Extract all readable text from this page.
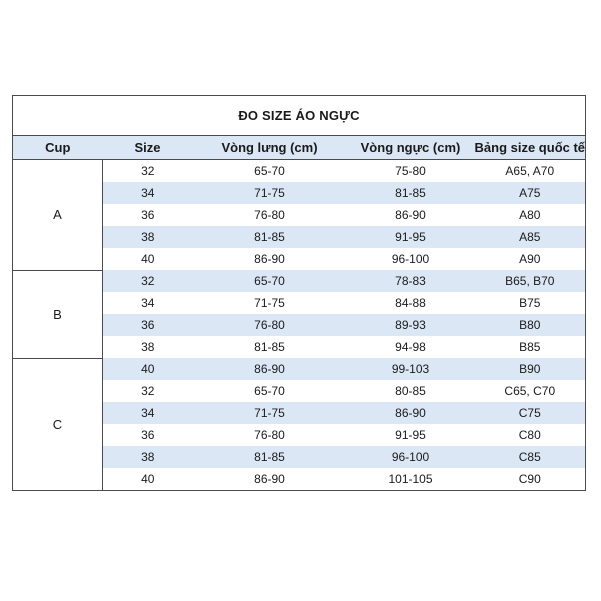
ĐO SIZE ÁO NGỰC				
Cup	Size	Vòng lưng (cm)	Vòng ngực (cm)	Bảng size quốc tế
A	32	65-70	75-80	A65, A70
	34	71-75	81-85	A75
	36	76-80	86-90	A80
	38	81-85	91-95	A85
	40	86-90	96-100	A90
B	32	65-70	78-83	B65, B70
	34	71-75	84-88	B75
	36	76-80	89-93	B80
	38	81-85	94-98	B85
C	40	86-90	99-103	B90
	32	65-70	80-85	C65, C70
	34	71-75	86-90	C75
	36	76-80	91-95	C80
	38	81-85	96-100	C85
	40	86-90	101-105	C90
